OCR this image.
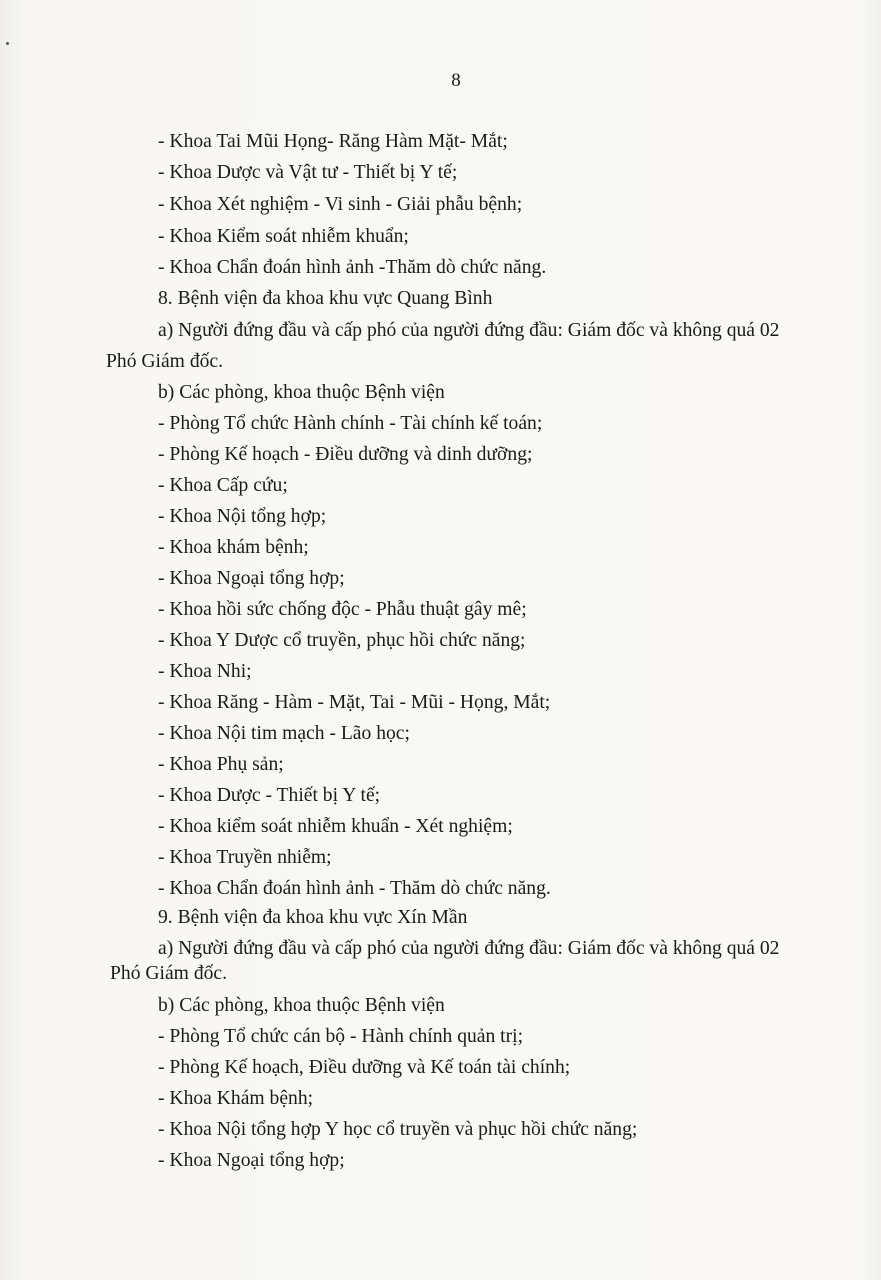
8
- Khoa Tai Mũi Họng- Răng Hàm Mặt- Mắt;
- Khoa Dược và Vật tư - Thiết bị Y tế;
- Khoa Xét nghiệm - Vi sinh - Giải phẫu bệnh;
- Khoa Kiểm soát nhiễm khuẩn;
- Khoa Chẩn đoán hình ảnh -Thăm dò chức năng.
8. Bệnh viện đa khoa khu vực Quang Bình
a) Người đứng đầu và cấp phó của người đứng đầu: Giám đốc và không quá 02
Phó Giám đốc.
b) Các phòng, khoa thuộc Bệnh viện
- Phòng Tổ chức Hành chính - Tài chính kế toán;
- Phòng Kế hoạch - Điều dưỡng và dinh dưỡng;
- Khoa Cấp cứu;
- Khoa Nội tổng hợp;
- Khoa khám bệnh;
- Khoa Ngoại tổng hợp;
- Khoa hồi sức chống độc - Phẫu thuật gây mê;
- Khoa Y Dược cổ truyền, phục hồi chức năng;
- Khoa Nhi;
- Khoa Răng - Hàm - Mặt, Tai - Mũi - Họng, Mắt;
- Khoa Nội tim mạch - Lão học;
- Khoa Phụ sản;
- Khoa Dược - Thiết bị Y tế;
- Khoa kiểm soát nhiễm khuẩn - Xét nghiệm;
- Khoa Truyền nhiễm;
- Khoa Chẩn đoán hình ảnh - Thăm dò chức năng.
9. Bệnh viện đa khoa khu vực Xín Mần
a) Người đứng đầu và cấp phó của người đứng đầu: Giám đốc và không quá 02
Phó Giám đốc.
b) Các phòng, khoa thuộc Bệnh viện
- Phòng Tổ chức cán bộ - Hành chính quản trị;
- Phòng Kế hoạch, Điều dưỡng và Kế toán tài chính;
- Khoa Khám bệnh;
- Khoa Nội tổng hợp Y học cổ truyền và phục hồi chức năng;
- Khoa Ngoại tổng hợp;
